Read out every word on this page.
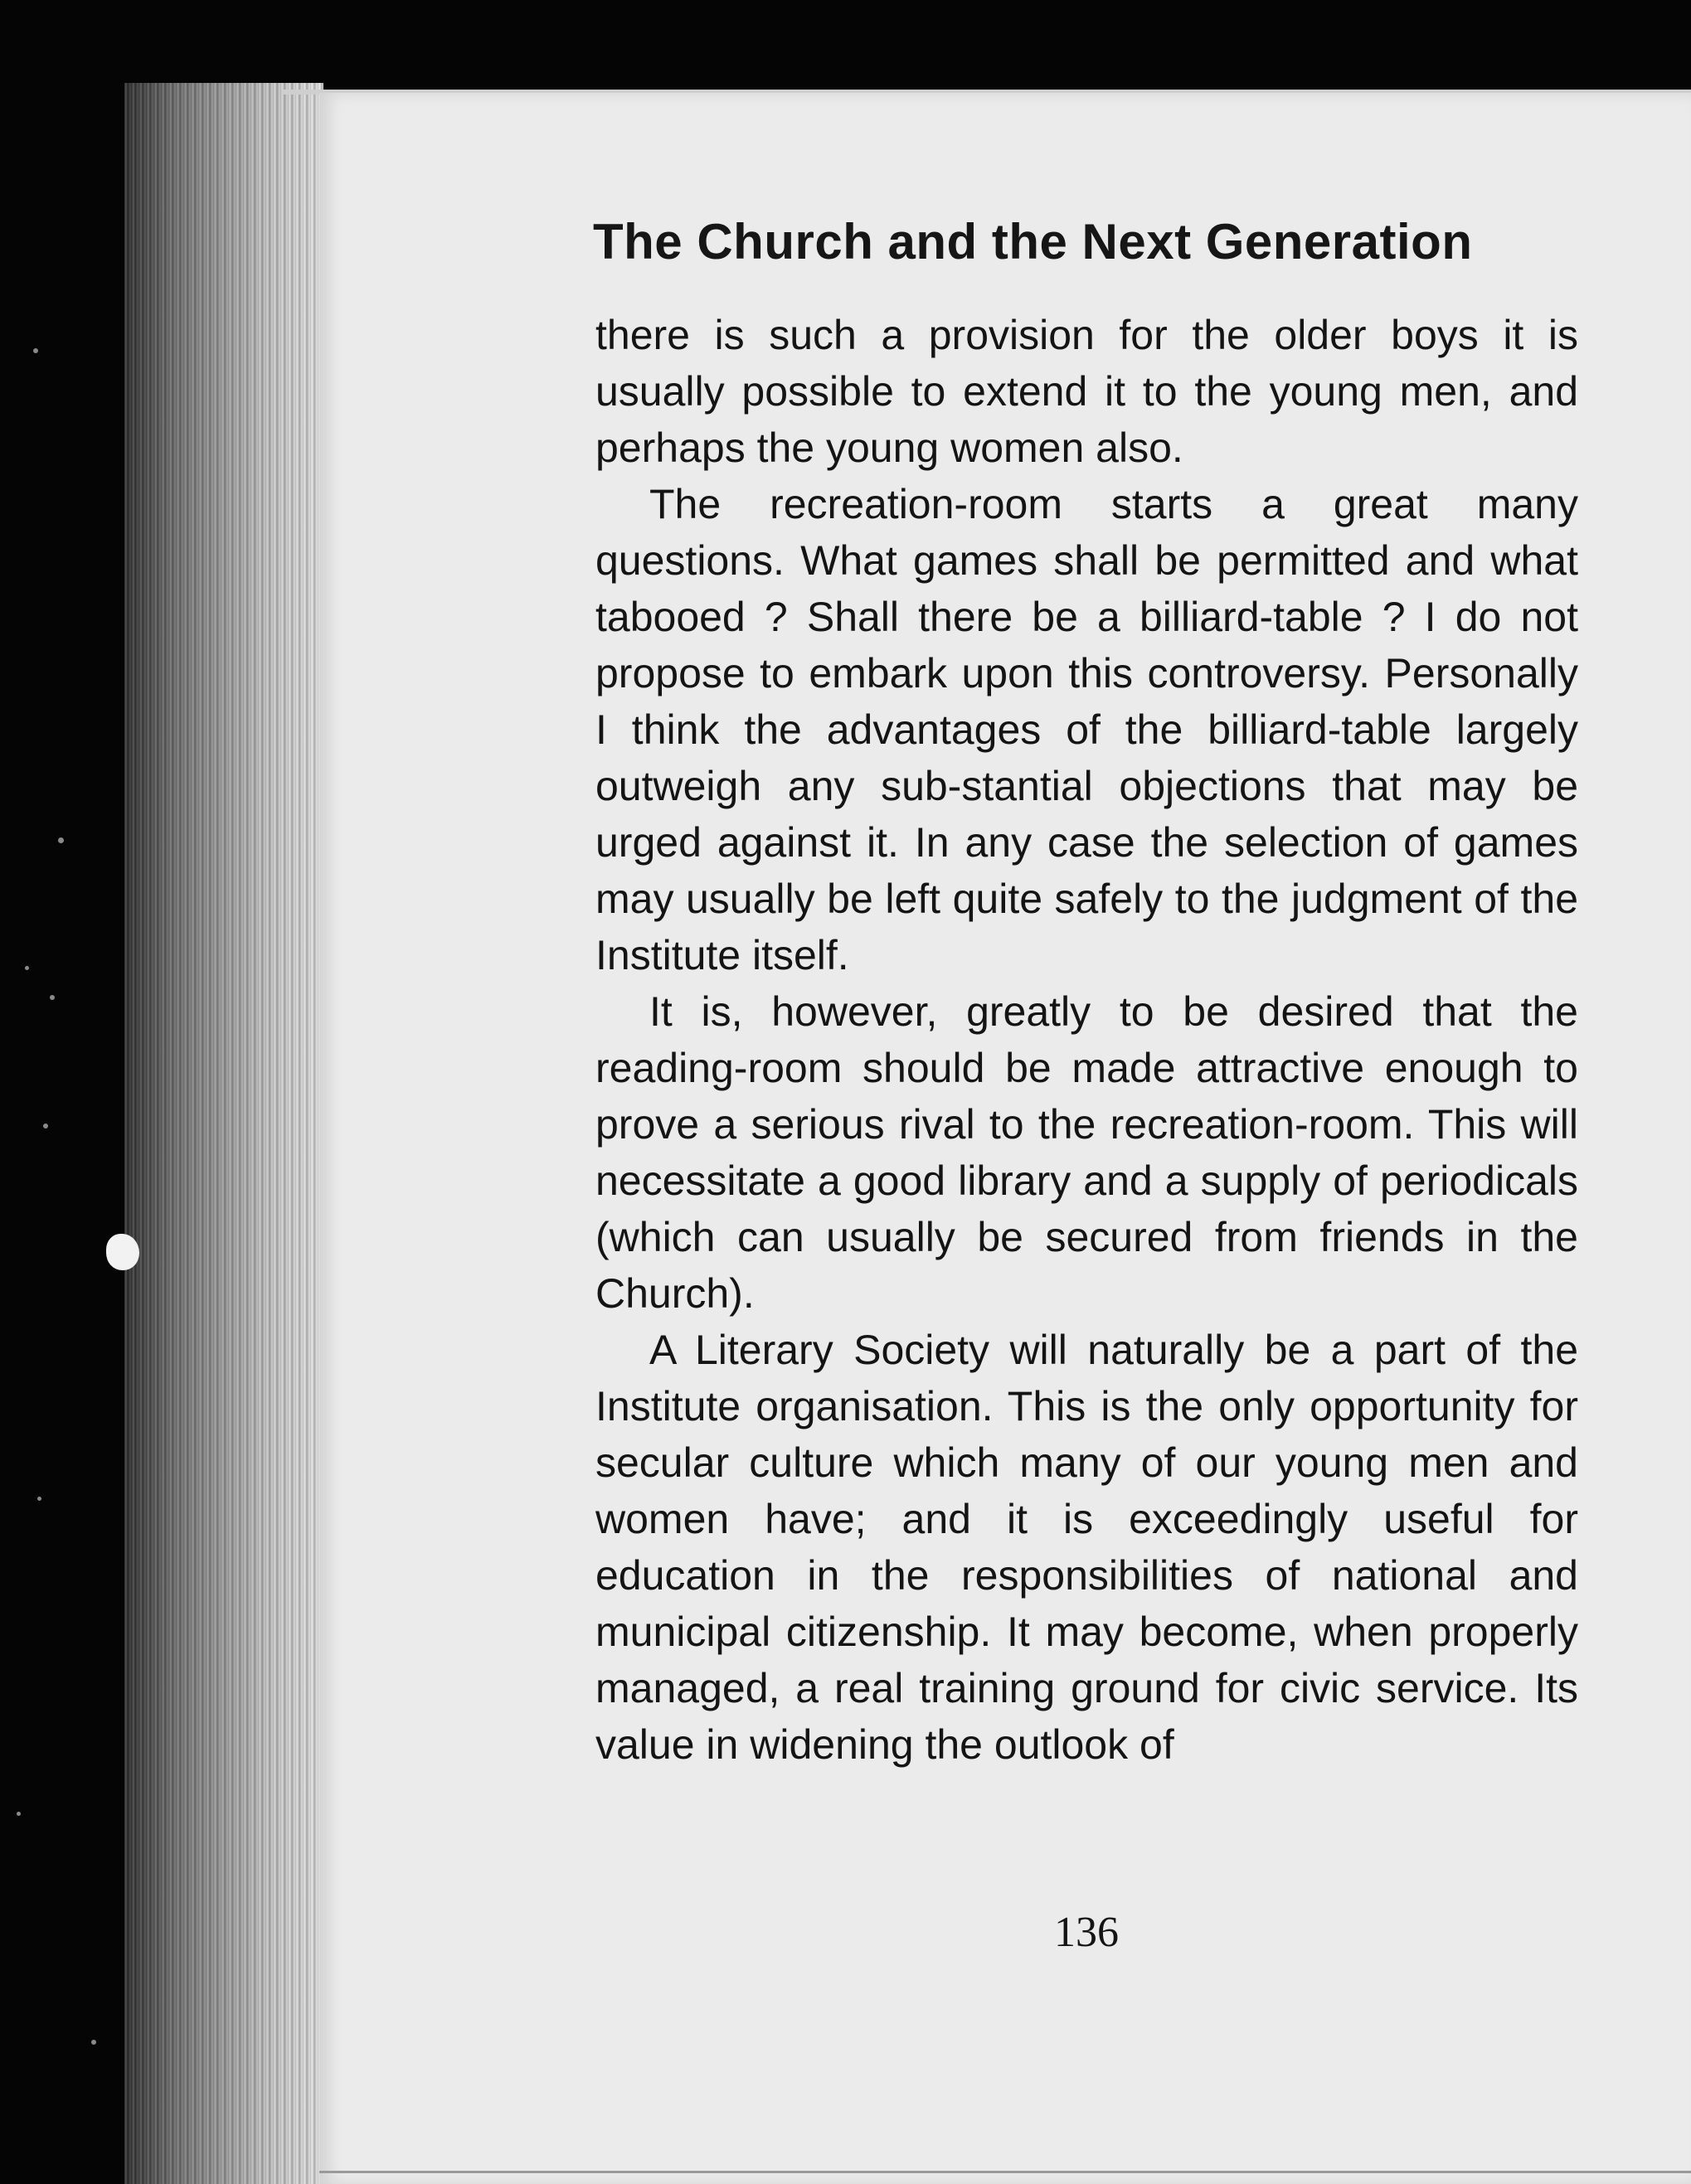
The Church and the Next Generation

there is such a provision for the older boys it is usually possible to extend it to the young men, and perhaps the young women also.

The recreation-room starts a great many questions. What games shall be permitted and what tabooed ? Shall there be a billiard-table ? I do not propose to embark upon this controversy. Personally I think the advantages of the billiard-table largely outweigh any sub-stantial objections that may be urged against it. In any case the selection of games may usually be left quite safely to the judgment of the Institute itself.

It is, however, greatly to be desired that the reading-room should be made attractive enough to prove a serious rival to the recreation-room. This will necessitate a good library and a supply of periodicals (which can usually be secured from friends in the Church).

A Literary Society will naturally be a part of the Institute organisation. This is the only opportunity for secular culture which many of our young men and women have; and it is exceedingly useful for education in the responsibilities of national and municipal citizenship. It may become, when properly managed, a real training ground for civic service. Its value in widening the outlook of

136
